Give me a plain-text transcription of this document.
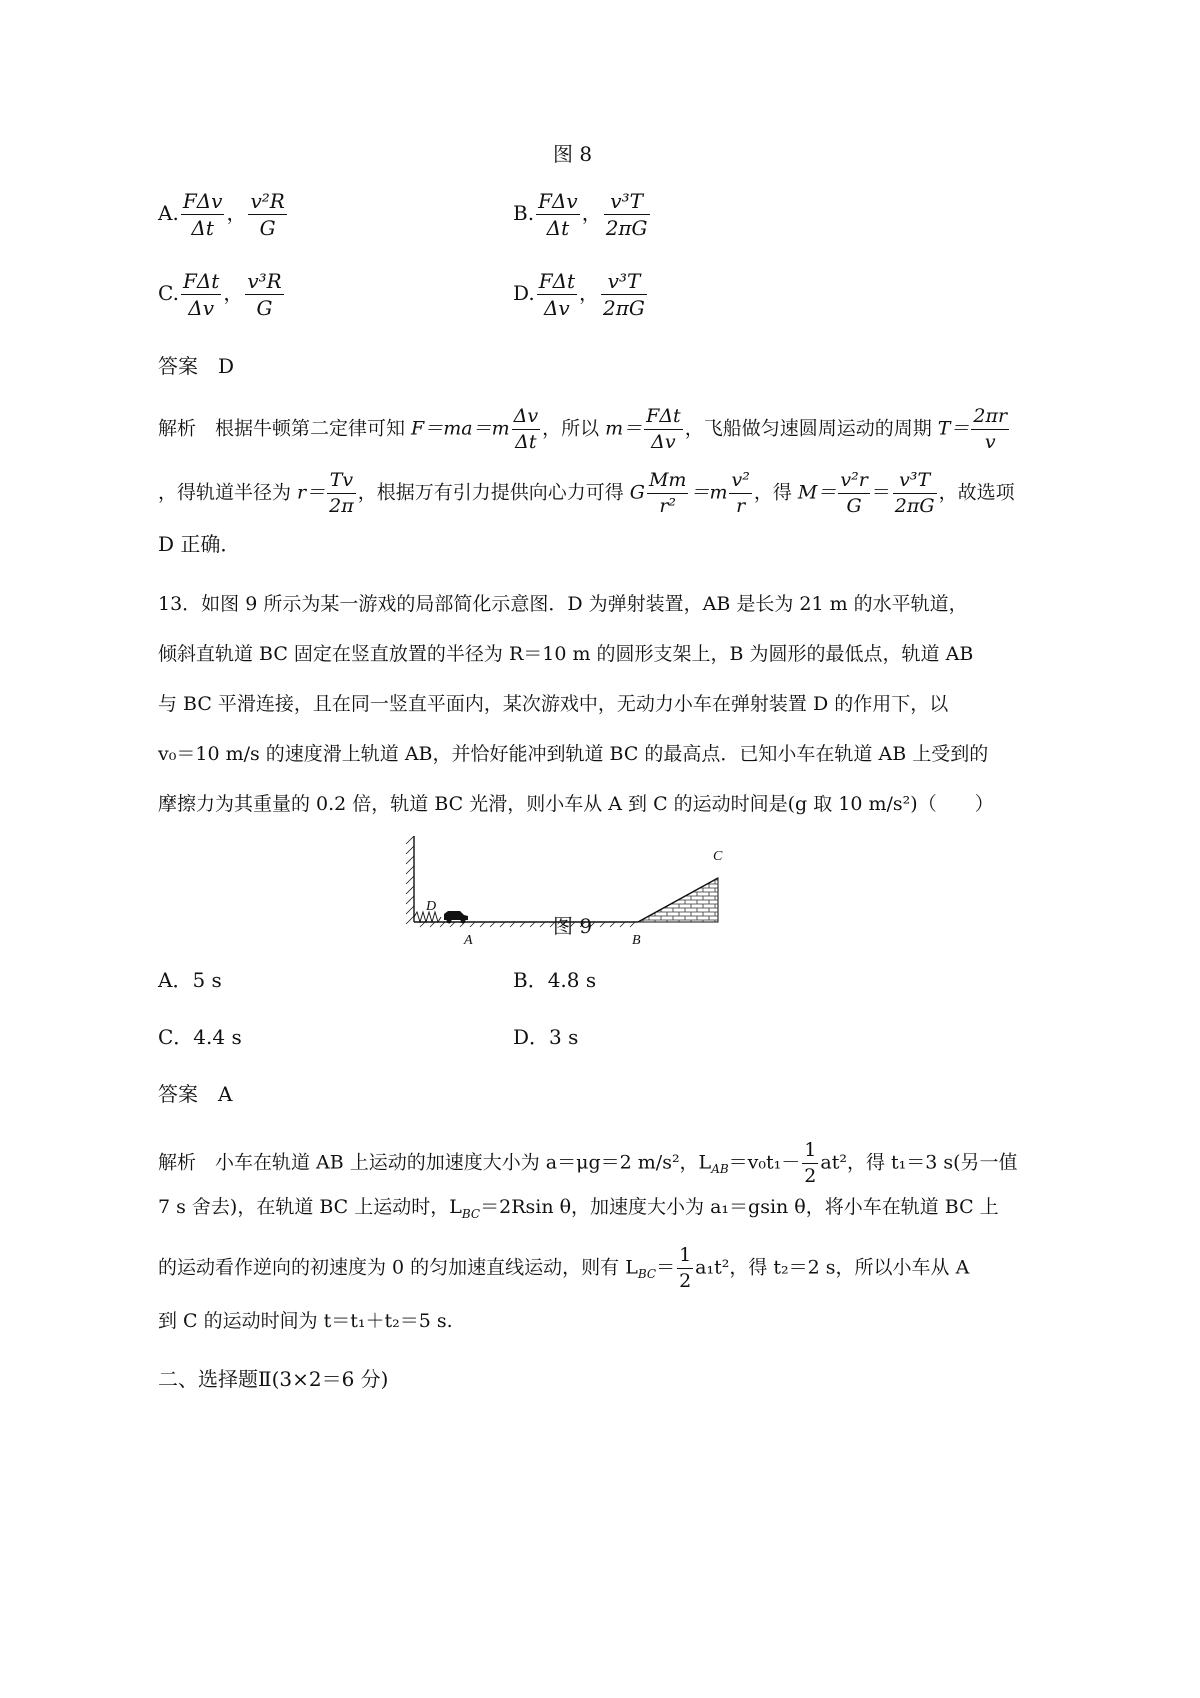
图 8
A. $\frac{\text{FΔv}}{\Delta t}$ ， $\frac{\text{v²R}}{G}$	B. $\frac{\text{FΔv}}{\Delta t}$ ， $\frac{\text{v³T}}{2\pi G}$
C. $\frac{\text{FΔt}}{\Delta v}$ ， $\frac{\text{v³R}}{G}$	D. $\frac{\text{FΔt}}{\Delta v}$ ， $\frac{\text{v³T}}{2\pi G}$
答案　D
解析　根据牛顿第二定律可知 $F=ma=m \frac{\Delta v}{\Delta t}$ ，所以 $m= \frac{\text{FΔt}}{\Delta v}$ ，飞船做匀速圆周运动的周期 $T= \frac{2\pi r}{v}$
，得轨道半径为 $r= \frac{Tv}{2\pi}$ ，根据万有引力提供向心力可得 G $\frac{Mm}{\text{r²}} =m \frac{\text{v²}}{r}$ ，得 $M= \frac{\text{v²r}}{G} = \frac{\text{v³T}}{2\pi G}$ ，故选项
D 正确．
13．如图 9 所示为某一游戏的局部简化示意图．D 为弹射装置，AB 是长为 21 m 的水平轨道，
倾斜直轨道 BC 固定在竖直放置的半径为 R＝10 m 的圆形支架上，B 为圆形的最低点，轨道 AB
与 BC 平滑连接，且在同一竖直平面内，某次游戏中，无动力小车在弹射装置 D 的作用下，以
v₀＝10 m/s 的速度滑上轨道 AB，并恰好能冲到轨道 BC 的最高点．已知小车在轨道 AB 上受到的
摩擦力为其重量的 0.2 倍，轨道 BC 光滑，则小车从 A 到 C 的运动时间是(g 取 10 m/s²)（　　）
D
A	B
C
图 9
A．5 s	B．4.8 s
C．4.4 s	D．3 s
答案　A
解析　小车在轨道 AB 上运动的加速度大小为 a＝μg＝2 m/s²，$L_{AB}=v_0t_1- \frac{1}{2} at^2$，得 t₁＝3 s(另一值
7 s 舍去)，在轨道 BC 上运动时，$L_{BC}=2Rsin$ θ，加速度大小为 a₁＝gsin θ，将小车在轨道 BC 上
的运动看作逆向的初速度为 0 的匀加速直线运动，则有 $L_{BC}= \frac{1}{2} a_1t^2$，得 t₂＝2 s，所以小车从 A
到 C 的运动时间为 t＝t₁＋t₂＝5 s.
二、选择题Ⅱ(3×2＝6 分)
